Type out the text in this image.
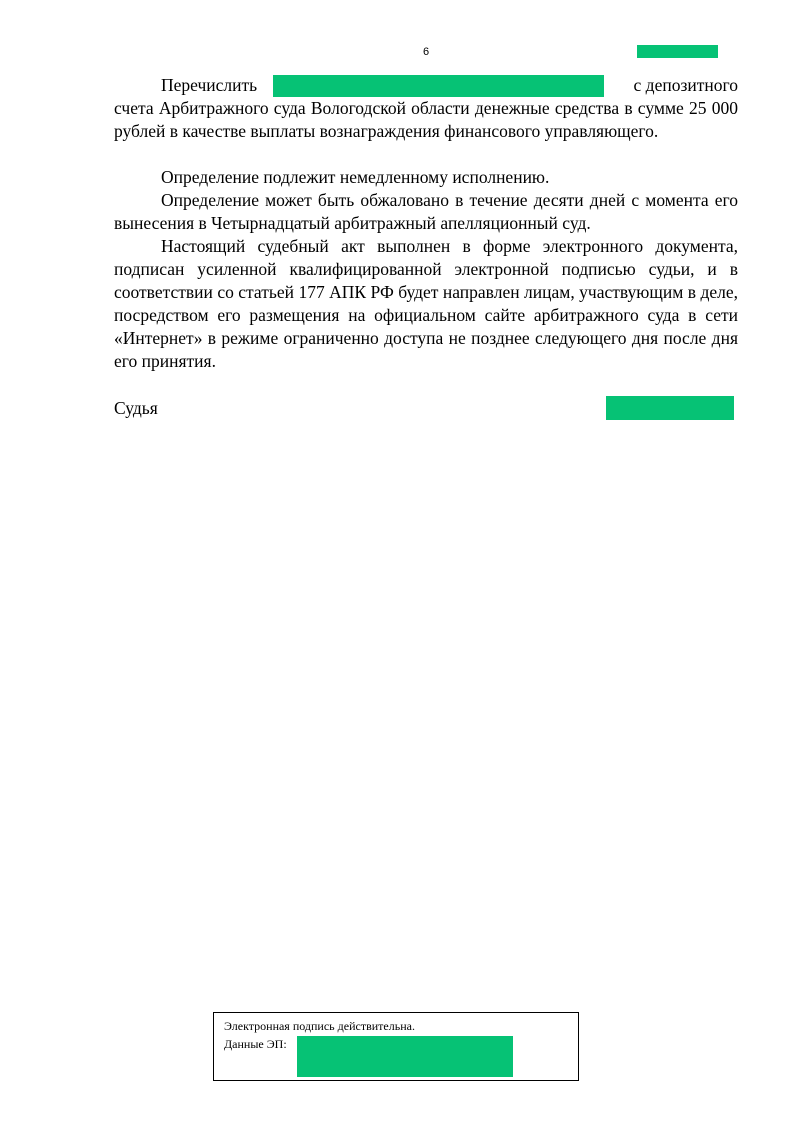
6
Перечислить	с депозитного
счета Арбитражного суда Вологодской области денежные средства в сумме 25 000 рублей в качестве выплаты вознаграждения финансового управляющего.

Определение подлежит немедленному исполнению.

Определение может быть обжаловано в течение десяти дней с момента его вынесения в Четырнадцатый арбитражный апелляционный суд.

Настоящий судебный акт выполнен в форме электронного документа, подписан усиленной квалифицированной электронной подписью судьи, и в соответствии со статьей 177 АПК РФ будет направлен лицам, участвующим в деле, посредством его размещения на официальном сайте арбитражного суда в сети «Интернет» в режиме ограниченно доступа не позднее следующего дня после дня его принятия.

Судья
Электронная подпись действительна.
Данные ЭП:
